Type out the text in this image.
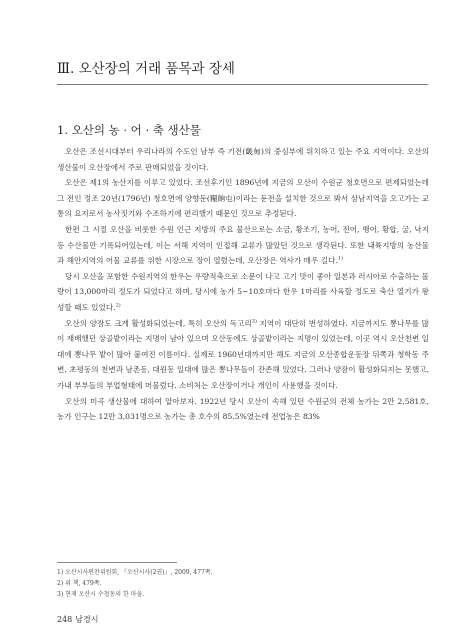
Ⅲ. 오산장의 거래 품목과 장세
1. 오산의 농 · 어 · 축 생산물

오산은 조선시대부터 우리나라의 수도인 남부 즉 기전(畿甸)의 중심부에 위치하고 있는 주요 지역이다. 오산의 생산물이 오산장에서 주로 판매되었을 것이다.

오산은 제1의 농산지를 이루고 있었다. 조선후기인 1896년에 지금의 오산이 수원군 청호면으로 편제되었는데 그 전인 정조 20년(1796년) 청호면에 양향둔(糧餉屯)이라는 둔전을 설치한 것으로 봐서 삼남지역을 오고가는 교통의 요지로서 농사짓기와 수조하기에 편리했기 때문인 것으로 추정된다.

한편 그 시절 오산을 비롯한 수원 인근 지방의 주요 물산으로는 소금, 황조기, 농어, 전어, 뱅어, 황합, 굴, 낙지 등 수산물만 기록되어있는데, 이는 서해 지역이 인접해 교류가 많았던 것으로 생각된다. 또한 내륙지방의 농산물과 해안지역의 어물 교류를 위한 시장으로 장이 열렸는데, 오산장은 역사가 매우 길다.$^{1)}$

당시 오산을 포함한 수원지역의 한우는 우량적축으로 소문이 나고 고기 맛이 좋아 일본과 러시아로 수출하는 물량이 13,000마리 정도가 되었다고 하며, 당시에 농가 5~10호마다 한우 1마리를 사육할 정도로 축산 열기가 왕성할 때도 있었다.$^{2)}$

오산의 양잠도 크게 활성화되었는데, 특히 오산의 독고리$^{3)}$ 지역이 대단히 번성하였다. 지금까지도 뽕나무를 많이 재배했던 상골밭이라는 지명이 남아 있으며 오산동에도 상골밭이라는 지명이 있었는데, 이곳 역시 오산천변 일대에 뽕나무 밭이 많아 붙여진 이름이다. 실제로 1960년대까지만 해도 지금의 오산종합운동장 뒤쪽과 청학동 주변, 초평동의 천변과 남촌동, 대원동 일대에 많은 뽕나무들이 잔존해 있었다. 그러나 양잠이 활성화되지는 못했고, 가내 부부들의 부업형태에 머물렀다. 소비처는 오산장이거나 개인이 사용했을 것이다.

오산의 미곡 생산물에 대하여 알아보자. 1922년 당시 오산이 속해 있던 수원군의 전체 농가는 2만 2,581호, 농가 인구는 12만 3,031명으로 농가는 총 호수의 85.5%였는데 전업농은 83%

1) 오산시사편찬위원회, 『오산시사(2권)』, 2009, 477쪽.
2) 위 책, 479쪽.
3) 현재 오산시 수청동의 한 마을.
248 남경시
